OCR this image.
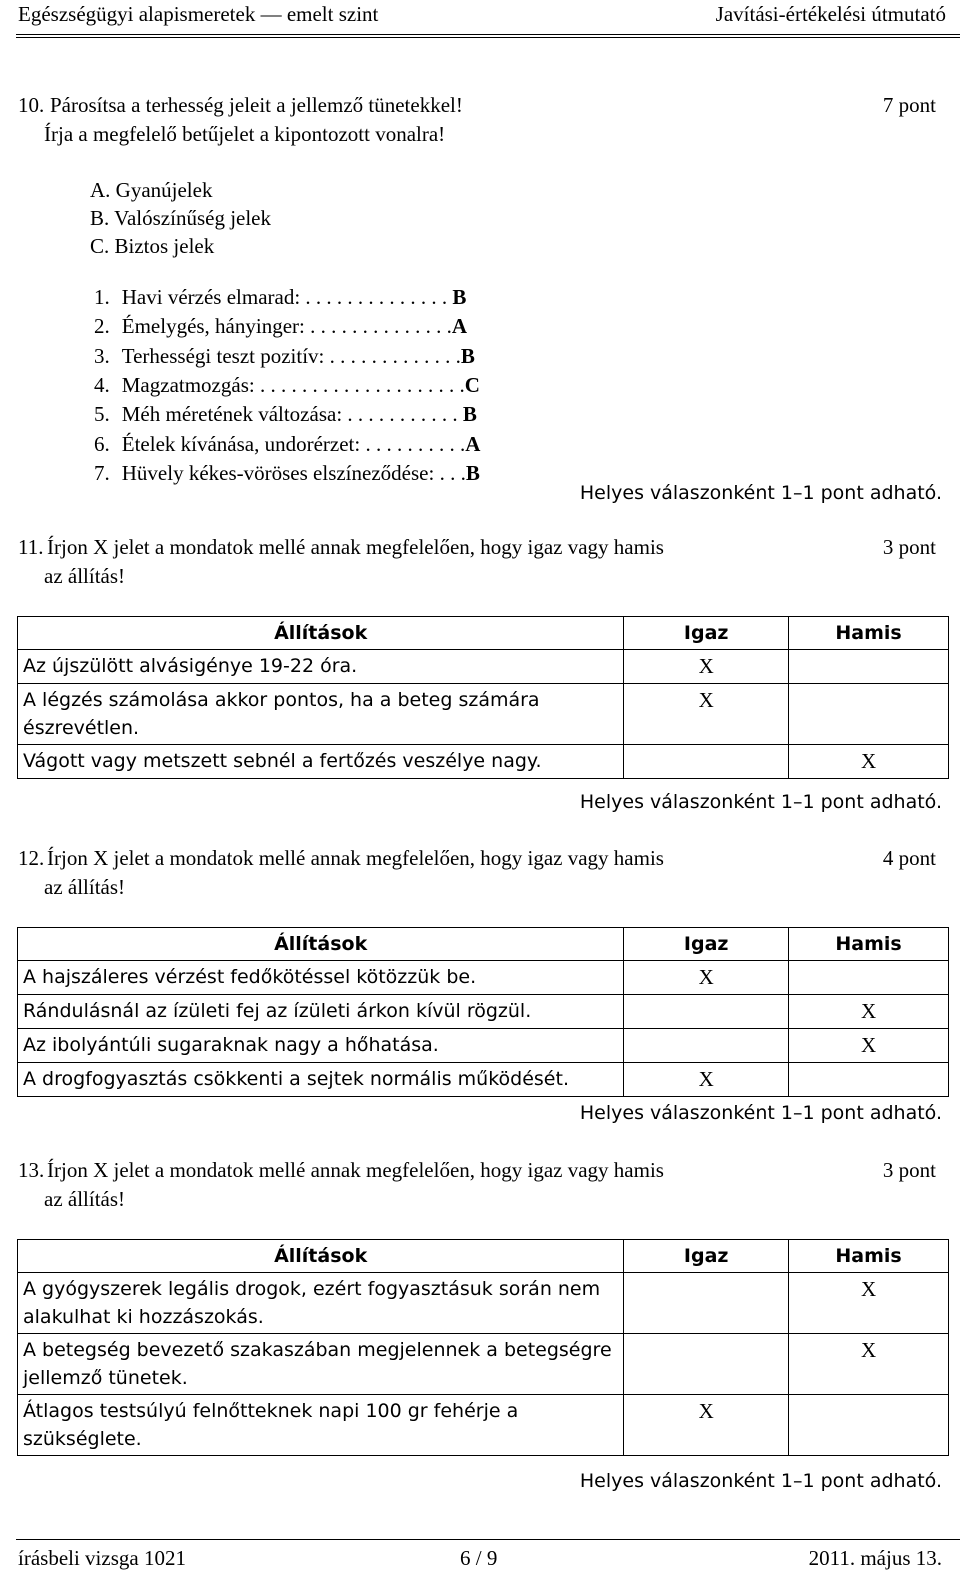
Egészségügyi alapismeretek — emelt szint	Javítási-értékelési útmutató
10. Párosítsa a terhesség jeleit a jellemző tünetekkel!	7 pont
Írja a megfelelő betűjelet a kipontozott vonalra!
A. Gyanújelek
B. Valószínűség jelek
C. Biztos jelek
1. Havi vérzés elmarad: . . . . . . . . . . . . . . B
2. Émelygés, hányinger: . . . . . . . . . . . . . .A
3. Terhességi teszt pozitív: . . . . . . . . . . . . .B
4. Magzatmozgás: . . . . . . . . . . . . . . . . . . . .C
5. Méh méretének változása: . . . . . . . . . . . B
6. Ételek kívánása, undorérzet: . . . . . . . . . .A
7. Hüvely kékes-vöröses elszíneződése: . . .B
Helyes válaszonként 1–1 pont adható.
11. Írjon X jelet a mondatok mellé annak megfelelően, hogy igaz vagy hamis	3 pont
az állítás!
Állítások	Igaz	Hamis
Az újszülött alvásigénye 19-22 óra.	X	
A légzés számolása akkor pontos, ha a beteg számára észrevétlen.	X	
Vágott vagy metszett sebnél a fertőzés veszélye nagy.		X
Helyes válaszonként 1–1 pont adható.
12. Írjon X jelet a mondatok mellé annak megfelelően, hogy igaz vagy hamis	4 pont
az állítás!
Állítások	Igaz	Hamis
A hajszáleres vérzést fedőkötéssel kötözzük be.	X	
Rándulásnál az ízületi fej az ízületi árkon kívül rögzül.		X
Az ibolyántúli sugaraknak nagy a hőhatása.		X
A drogfogyasztás csökkenti a sejtek normális működését.	X	
Helyes válaszonként 1–1 pont adható.
13. Írjon X jelet a mondatok mellé annak megfelelően, hogy igaz vagy hamis	3 pont
az állítás!
Állítások	Igaz	Hamis
A gyógyszerek legális drogok, ezért fogyasztásuk során nem alakulhat ki hozzászokás.		X
A betegség bevezető szakaszában megjelennek a betegségre jellemző tünetek.		X
Átlagos testsúlyú felnőtteknek napi 100 gr fehérje a szükséglete.	X	
Helyes válaszonként 1–1 pont adható.
írásbeli vizsga 1021	6 / 9	2011. május 13.
